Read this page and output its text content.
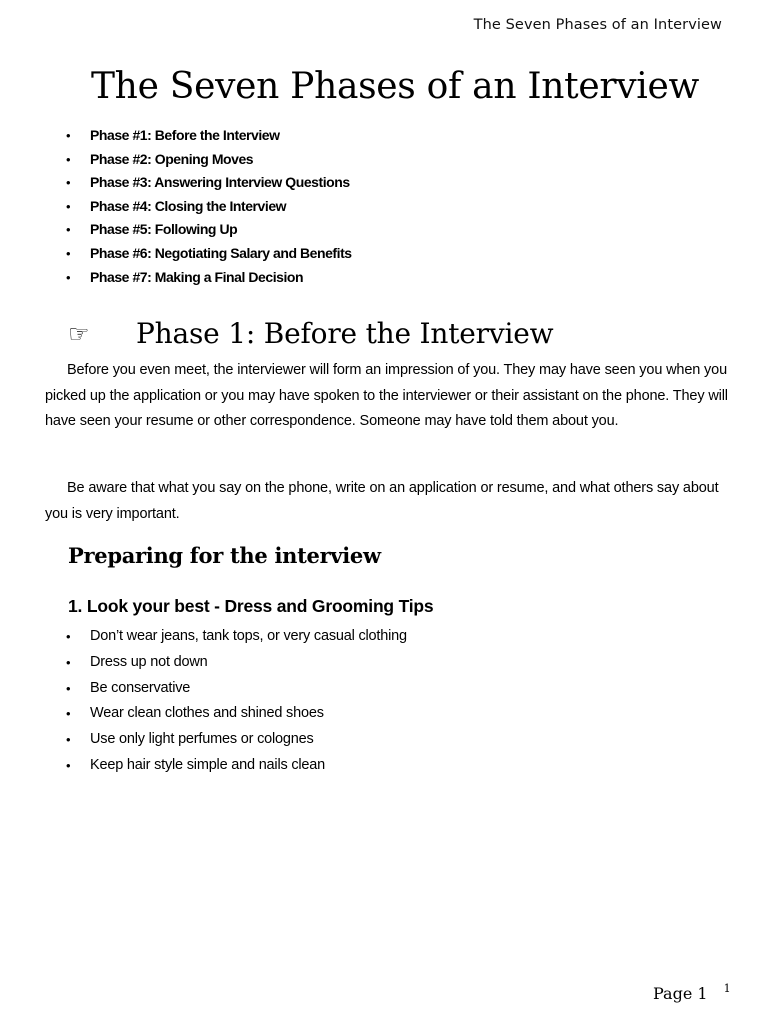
The Seven Phases of an Interview
The Seven Phases of an Interview
• Phase #1: Before the Interview
• Phase #2: Opening Moves
• Phase #3: Answering Interview Questions
• Phase #4: Closing the Interview
• Phase #5: Following Up
• Phase #6: Negotiating Salary and Benefits
• Phase #7: Making a Final Decision
☞	Phase 1: Before the Interview

Before you even meet, the interviewer will form an impression of you. They may have seen you when you picked up the application or you may have spoken to the interviewer or their assistant on the phone. They will have seen your resume or other correspondence. Someone may have told them about you.

Be aware that what you say on the phone, write on an application or resume, and what others say about you is very important.

Preparing for the interview
1. Look your best - Dress and Grooming Tips
• Don’t wear jeans, tank tops, or very casual clothing
• Dress up not down
• Be conservative
• Wear clean clothes and shined shoes
• Use only light perfumes or colognes
• Keep hair style simple and nails clean
Page 1 1
